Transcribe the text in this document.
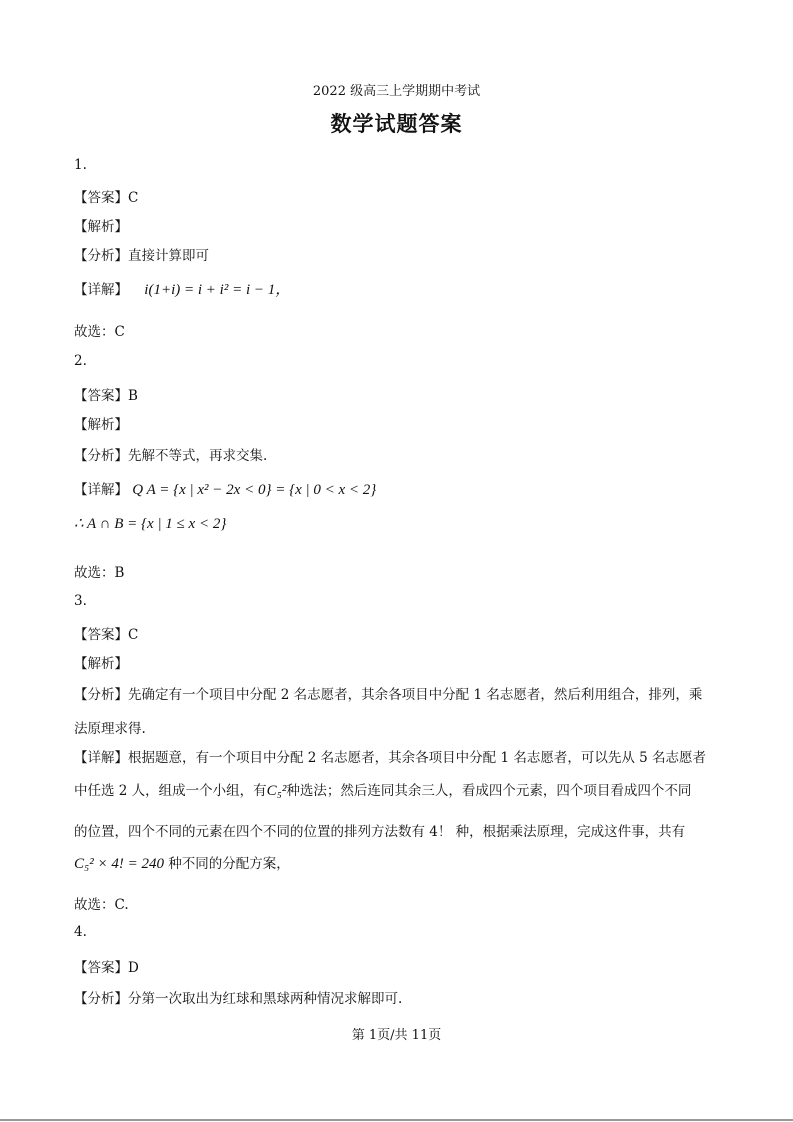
2022 级高三上学期期中考试
数学试题答案
1.
【答案】C
【解析】
【分析】直接计算即可
【详解】 i(1+i) = i + i² = i − 1，
故选：C
2.
【答案】B
【解析】
【分析】先解不等式，再求交集.
【详解】 Q A = {x | x² − 2x < 0} = {x | 0 < x < 2}
∴ A ∩ B = {x | 1 ≤ x < 2}
故选：B
3.
【答案】C
【解析】
【分析】先确定有一个项目中分配 2 名志愿者，其余各项目中分配 1 名志愿者，然后利用组合，排列，乘
法原理求得.
【详解】根据题意，有一个项目中分配 2 名志愿者，其余各项目中分配 1 名志愿者，可以先从 5 名志愿者
中任选 2 人，组成一个小组，有C₅²种选法；然后连同其余三人，看成四个元素，四个项目看成四个不同
的位置，四个不同的元素在四个不同的位置的排列方法数有 4！ 种，根据乘法原理，完成这件事，共有
C₅² × 4! = 240 种不同的分配方案，
故选：C.
4.
【答案】D
【分析】分第一次取出为红球和黑球两种情况求解即可.
第 1页/共 11页
